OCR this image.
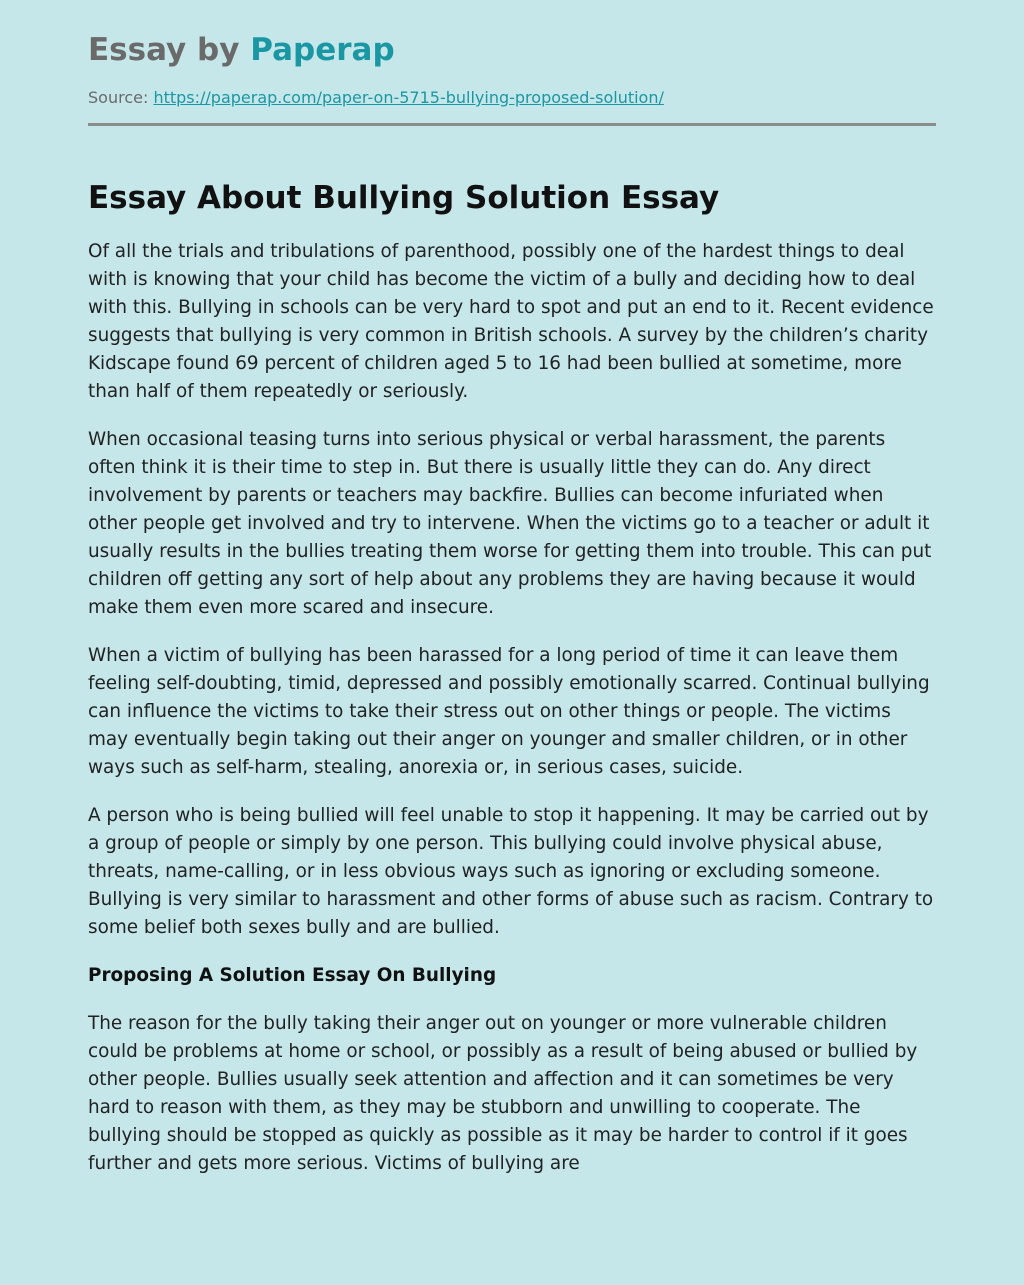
Essay by Paperap
Source: https://paperap.com/paper-on-5715-bullying-proposed-solution/
Essay About Bullying Solution Essay

Of all the trials and tribulations of parenthood, possibly one of the hardest things to deal with is knowing that your child has become the victim of a bully and deciding how to deal with this. Bullying in schools can be very hard to spot and put an end to it. Recent evidence suggests that bullying is very common in British schools. A survey by the children’s charity Kidscape found 69 percent of children aged 5 to 16 had been bullied at sometime, more than half of them repeatedly or seriously.

When occasional teasing turns into serious physical or verbal harassment, the parents often think it is their time to step in. But there is usually little they can do. Any direct involvement by parents or teachers may backfire. Bullies can become infuriated when other people get involved and try to intervene. When the victims go to a teacher or adult it usually results in the bullies treating them worse for getting them into trouble. This can put children off getting any sort of help about any problems they are having because it would make them even more scared and insecure.

When a victim of bullying has been harassed for a long period of time it can leave them feeling self-doubting, timid, depressed and possibly emotionally scarred. Continual bullying can influence the victims to take their stress out on other things or people. The victims may eventually begin taking out their anger on younger and smaller children, or in other ways such as self-harm, stealing, anorexia or, in serious cases, suicide.

A person who is being bullied will feel unable to stop it happening. It may be carried out by a group of people or simply by one person. This bullying could involve physical abuse, threats, name-calling, or in less obvious ways such as ignoring or excluding someone. Bullying is very similar to harassment and other forms of abuse such as racism. Contrary to some belief both sexes bully and are bullied.

Proposing A Solution Essay On Bullying

The reason for the bully taking their anger out on younger or more vulnerable children could be problems at home or school, or possibly as a result of being abused or bullied by other people. Bullies usually seek attention and affection and it can sometimes be very hard to reason with them, as they may be stubborn and unwilling to cooperate. The bullying should be stopped as quickly as possible as it may be harder to control if it goes further and gets more serious. Victims of bullying are
